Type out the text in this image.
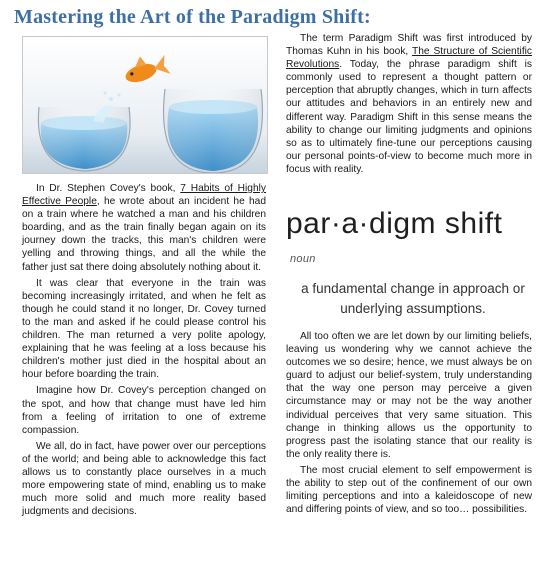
Mastering the Art of the Paradigm Shift:

In Dr. Stephen Covey's book, 7 Habits of Highly Effective People, he wrote about an incident he had on a train where he watched a man and his children boarding, and as the train finally began again on its journey down the tracks, this man's children were yelling and throwing things, and all the while the father just sat there doing absolutely nothing about it.

It was clear that everyone in the train was becoming increasingly irritated, and when he felt as though he could stand it no longer, Dr. Covey turned to the man and asked if he could please control his children. The man returned a very polite apology, explaining that he was feeling at a loss because his children's mother just died in the hospital about an hour before boarding the train.

Imagine how Dr. Covey's perception changed on the spot, and how that change must have led him from a feeling of irritation to one of extreme compassion.

We all, do in fact, have power over our perceptions of the world; and being able to acknowledge this fact allows us to constantly place ourselves in a much more empowering state of mind, enabling us to make much more solid and much more reality based judgments and decisions.

The term Paradigm Shift was first introduced by Thomas Kuhn in his book, The Structure of Scientific Revolutions. Today, the phrase paradigm shift is commonly used to represent a thought pattern or perception that abruptly changes, which in turn affects our attitudes and behaviors in an entirely new and different way. Paradigm Shift in this sense means the ability to change our limiting judgments and opinions so as to ultimately fine-tune our perceptions causing our personal points-of-view to become much more in focus with reality.

par·a·digm shift
noun
a fundamental change in approach or underlying assumptions.

All too often we are let down by our limiting beliefs, leaving us wondering why we cannot achieve the outcomes we so desire; hence, we must always be on guard to adjust our belief-system, truly understanding that the way one person may perceive a given circumstance may or may not be the way another individual perceives that very same situation. This change in thinking allows us the opportunity to progress past the isolating stance that our reality is the only reality there is.

The most crucial element to self empowerment is the ability to step out of the confinement of our own limiting perceptions and into a kaleidoscope of new and differing points of view, and so too… possibilities.
